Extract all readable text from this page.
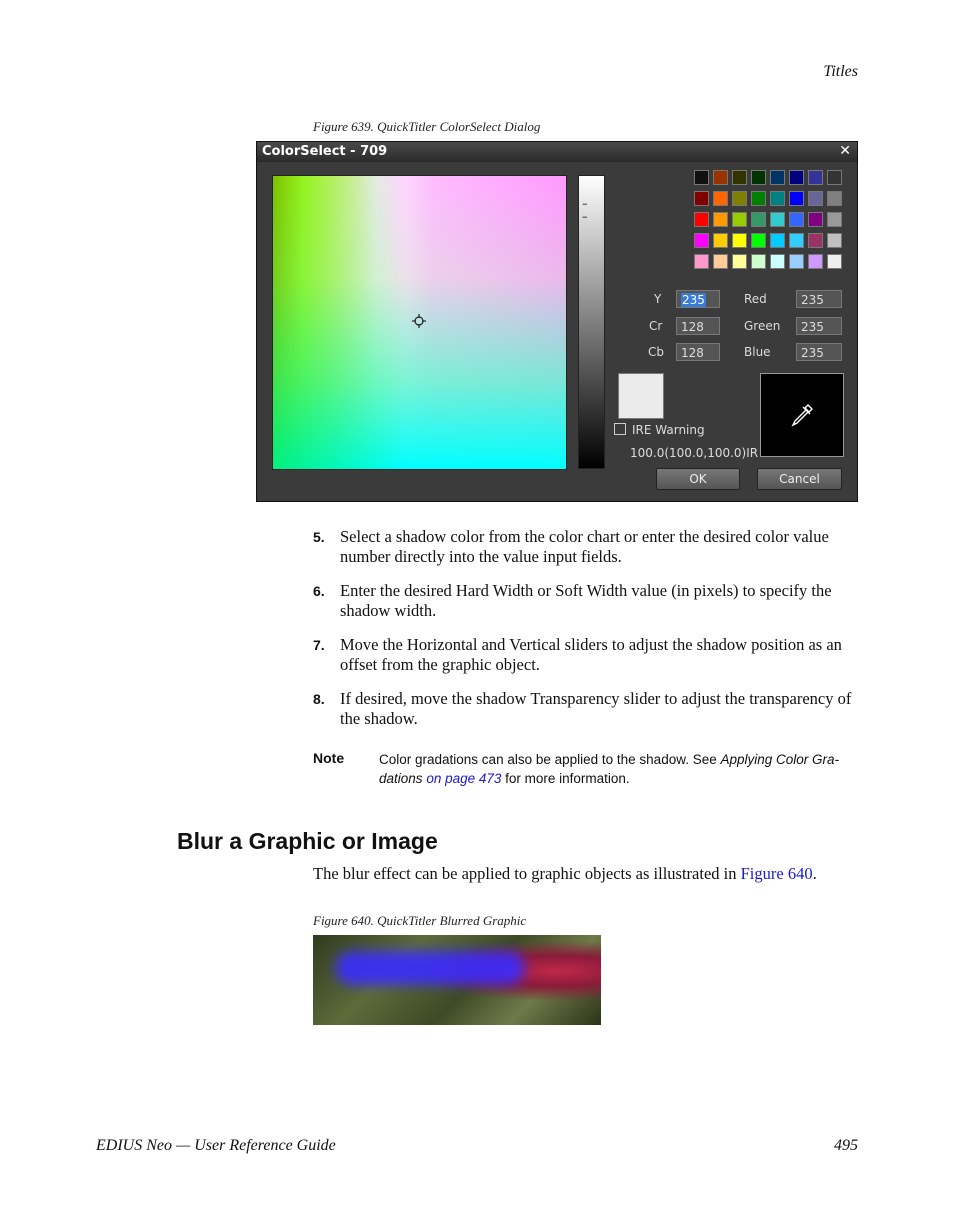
Titles
Figure 639. QuickTitler ColorSelect Dialog
ColorSelect - 709	✕
– –
Y	235
Cr	128
Cb	128
Red	235
Green	235
Blue	235
IRE Warning
100.0(100.0,100.0)IR
OK	Cancel
5. Select a shadow color from the color chart or enter the desired color value number directly into the value input fields.
6. Enter the desired Hard Width or Soft Width value (in pixels) to specify the shadow width.
7. Move the Horizontal and Vertical sliders to adjust the shadow position as an offset from the graphic object.
8. If desired, move the shadow Transparency slider to adjust the transparency of the shadow.
Note	Color gradations can also be applied to the shadow. See Applying Color Gra-dations on page 473 for more information.
Blur a Graphic or Image
The blur effect can be applied to graphic objects as illustrated in Figure 640.
Figure 640. QuickTitler Blurred Graphic
EDIUS Neo — User Reference Guide	495
